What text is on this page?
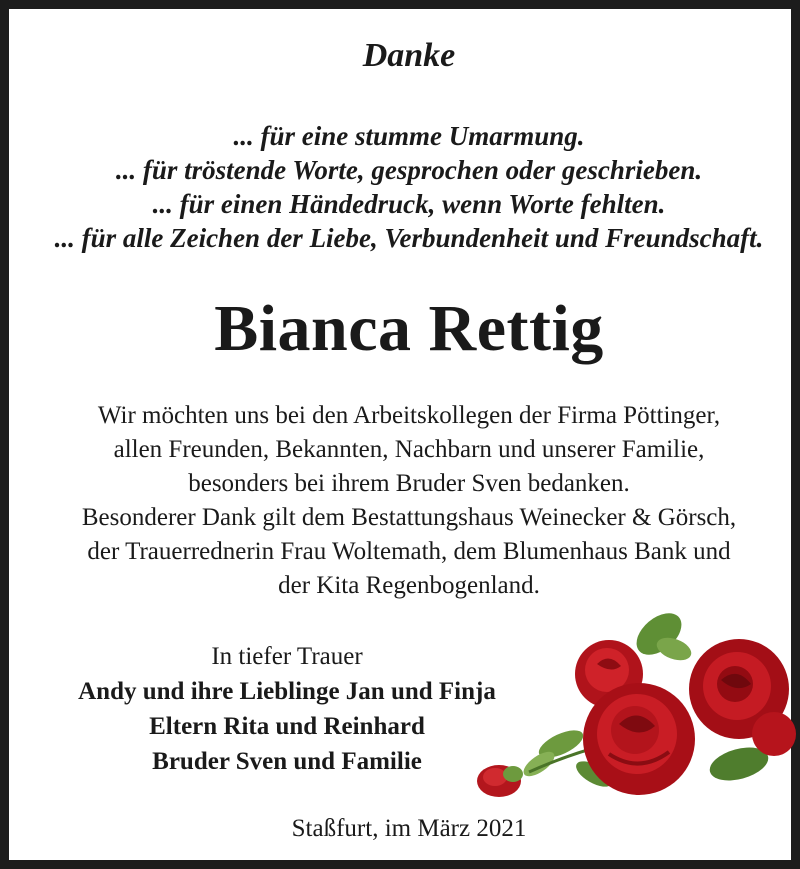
Danke
... für eine stumme Umarmung.
... für tröstende Worte, gesprochen oder geschrieben.
... für einen Händedruck, wenn Worte fehlten.
... für alle Zeichen der Liebe, Verbundenheit und Freundschaft.
Bianca Rettig
Wir möchten uns bei den Arbeitskollegen der Firma Pöttinger,
allen Freunden, Bekannten, Nachbarn und unserer Familie,
besonders bei ihrem Bruder Sven bedanken.
Besonderer Dank gilt dem Bestattungshaus Weinecker & Görsch,
der Trauerrednerin Frau Woltemath, dem Blumenhaus Bank und
der Kita Regenbogenland.
In tiefer Trauer
Andy und ihre Lieblinge Jan und Finja
Eltern Rita und Reinhard
Bruder Sven und Familie
Staßfurt, im März 2021
